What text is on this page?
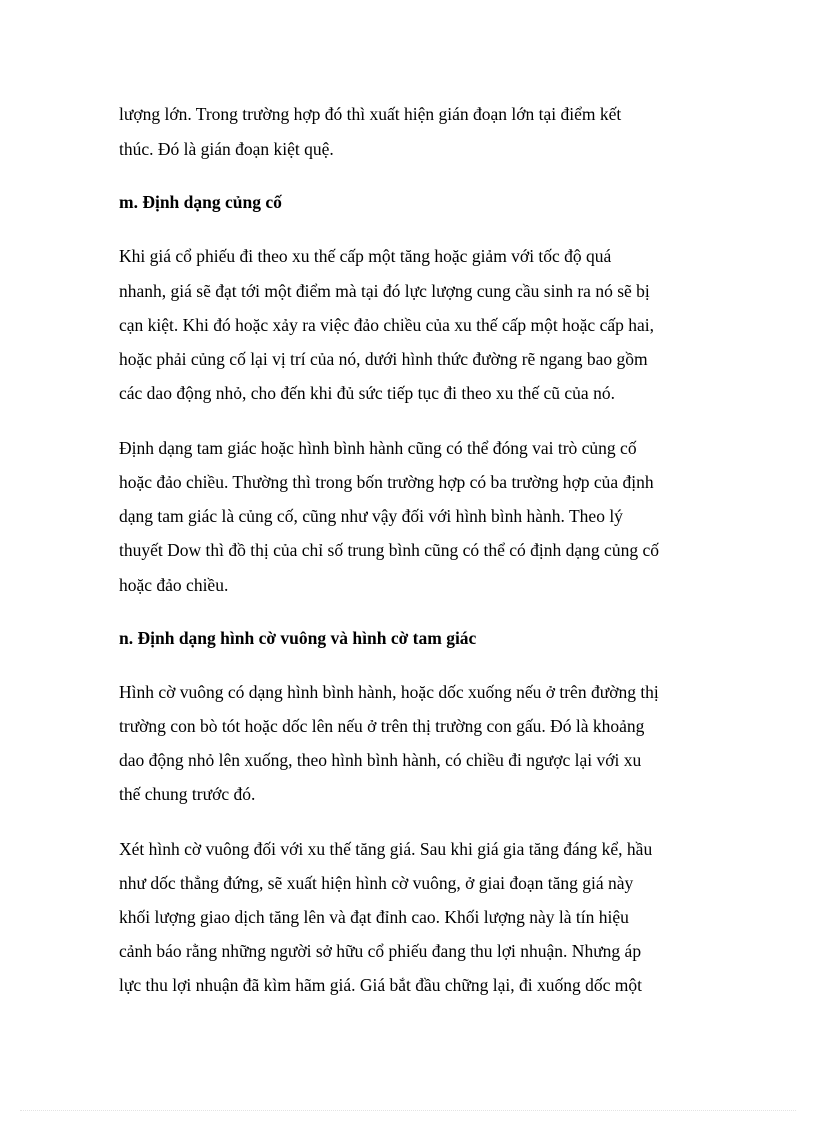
lượng lớn. Trong trường hợp đó thì xuất hiện gián đoạn lớn tại điểm kết
thúc. Đó là gián đoạn kiệt quệ.
m. Định dạng củng cố
Khi giá cổ phiếu đi theo xu thế cấp một tăng hoặc giảm với tốc độ quá
nhanh, giá sẽ đạt tới một điểm mà tại đó lực lượng cung cầu sinh ra nó sẽ bị
cạn kiệt. Khi đó hoặc xảy ra việc đảo chiều của xu thế cấp một hoặc cấp hai,
hoặc phải củng cố lại vị trí của nó, dưới hình thức đường rẽ ngang bao gồm
các dao động nhỏ, cho đến khi đủ sức tiếp tục đi theo xu thế cũ của nó.
Định dạng tam giác hoặc hình bình hành cũng có thể đóng vai trò củng cố
hoặc đảo chiều. Thường thì trong bốn trường hợp có ba trường hợp của định
dạng tam giác là củng cố, cũng như vậy đối với hình bình hành. Theo lý
thuyết Dow thì đồ thị của chỉ số trung bình cũng có thể có định dạng củng cố
hoặc đảo chiều.
n. Định dạng hình cờ vuông và hình cờ tam giác
Hình cờ vuông có dạng hình bình hành, hoặc dốc xuống nếu ở trên đường thị
trường con bò tót hoặc dốc lên nếu ở trên thị trường con gấu. Đó là khoảng
dao động nhỏ lên xuống, theo hình bình hành, có chiều đi ngược lại với xu
thế chung trước đó.
Xét hình cờ vuông đối với xu thế tăng giá. Sau khi giá gia tăng đáng kể, hầu
như dốc thẳng đứng, sẽ xuất hiện hình cờ vuông, ở giai đoạn tăng giá này
khối lượng giao dịch tăng lên và đạt đỉnh cao. Khối lượng này là tín hiệu
cảnh báo rằng những người sở hữu cổ phiếu đang thu lợi nhuận. Nhưng áp
lực thu lợi nhuận đã kìm hãm giá. Giá bắt đầu chững lại, đi xuống dốc một
